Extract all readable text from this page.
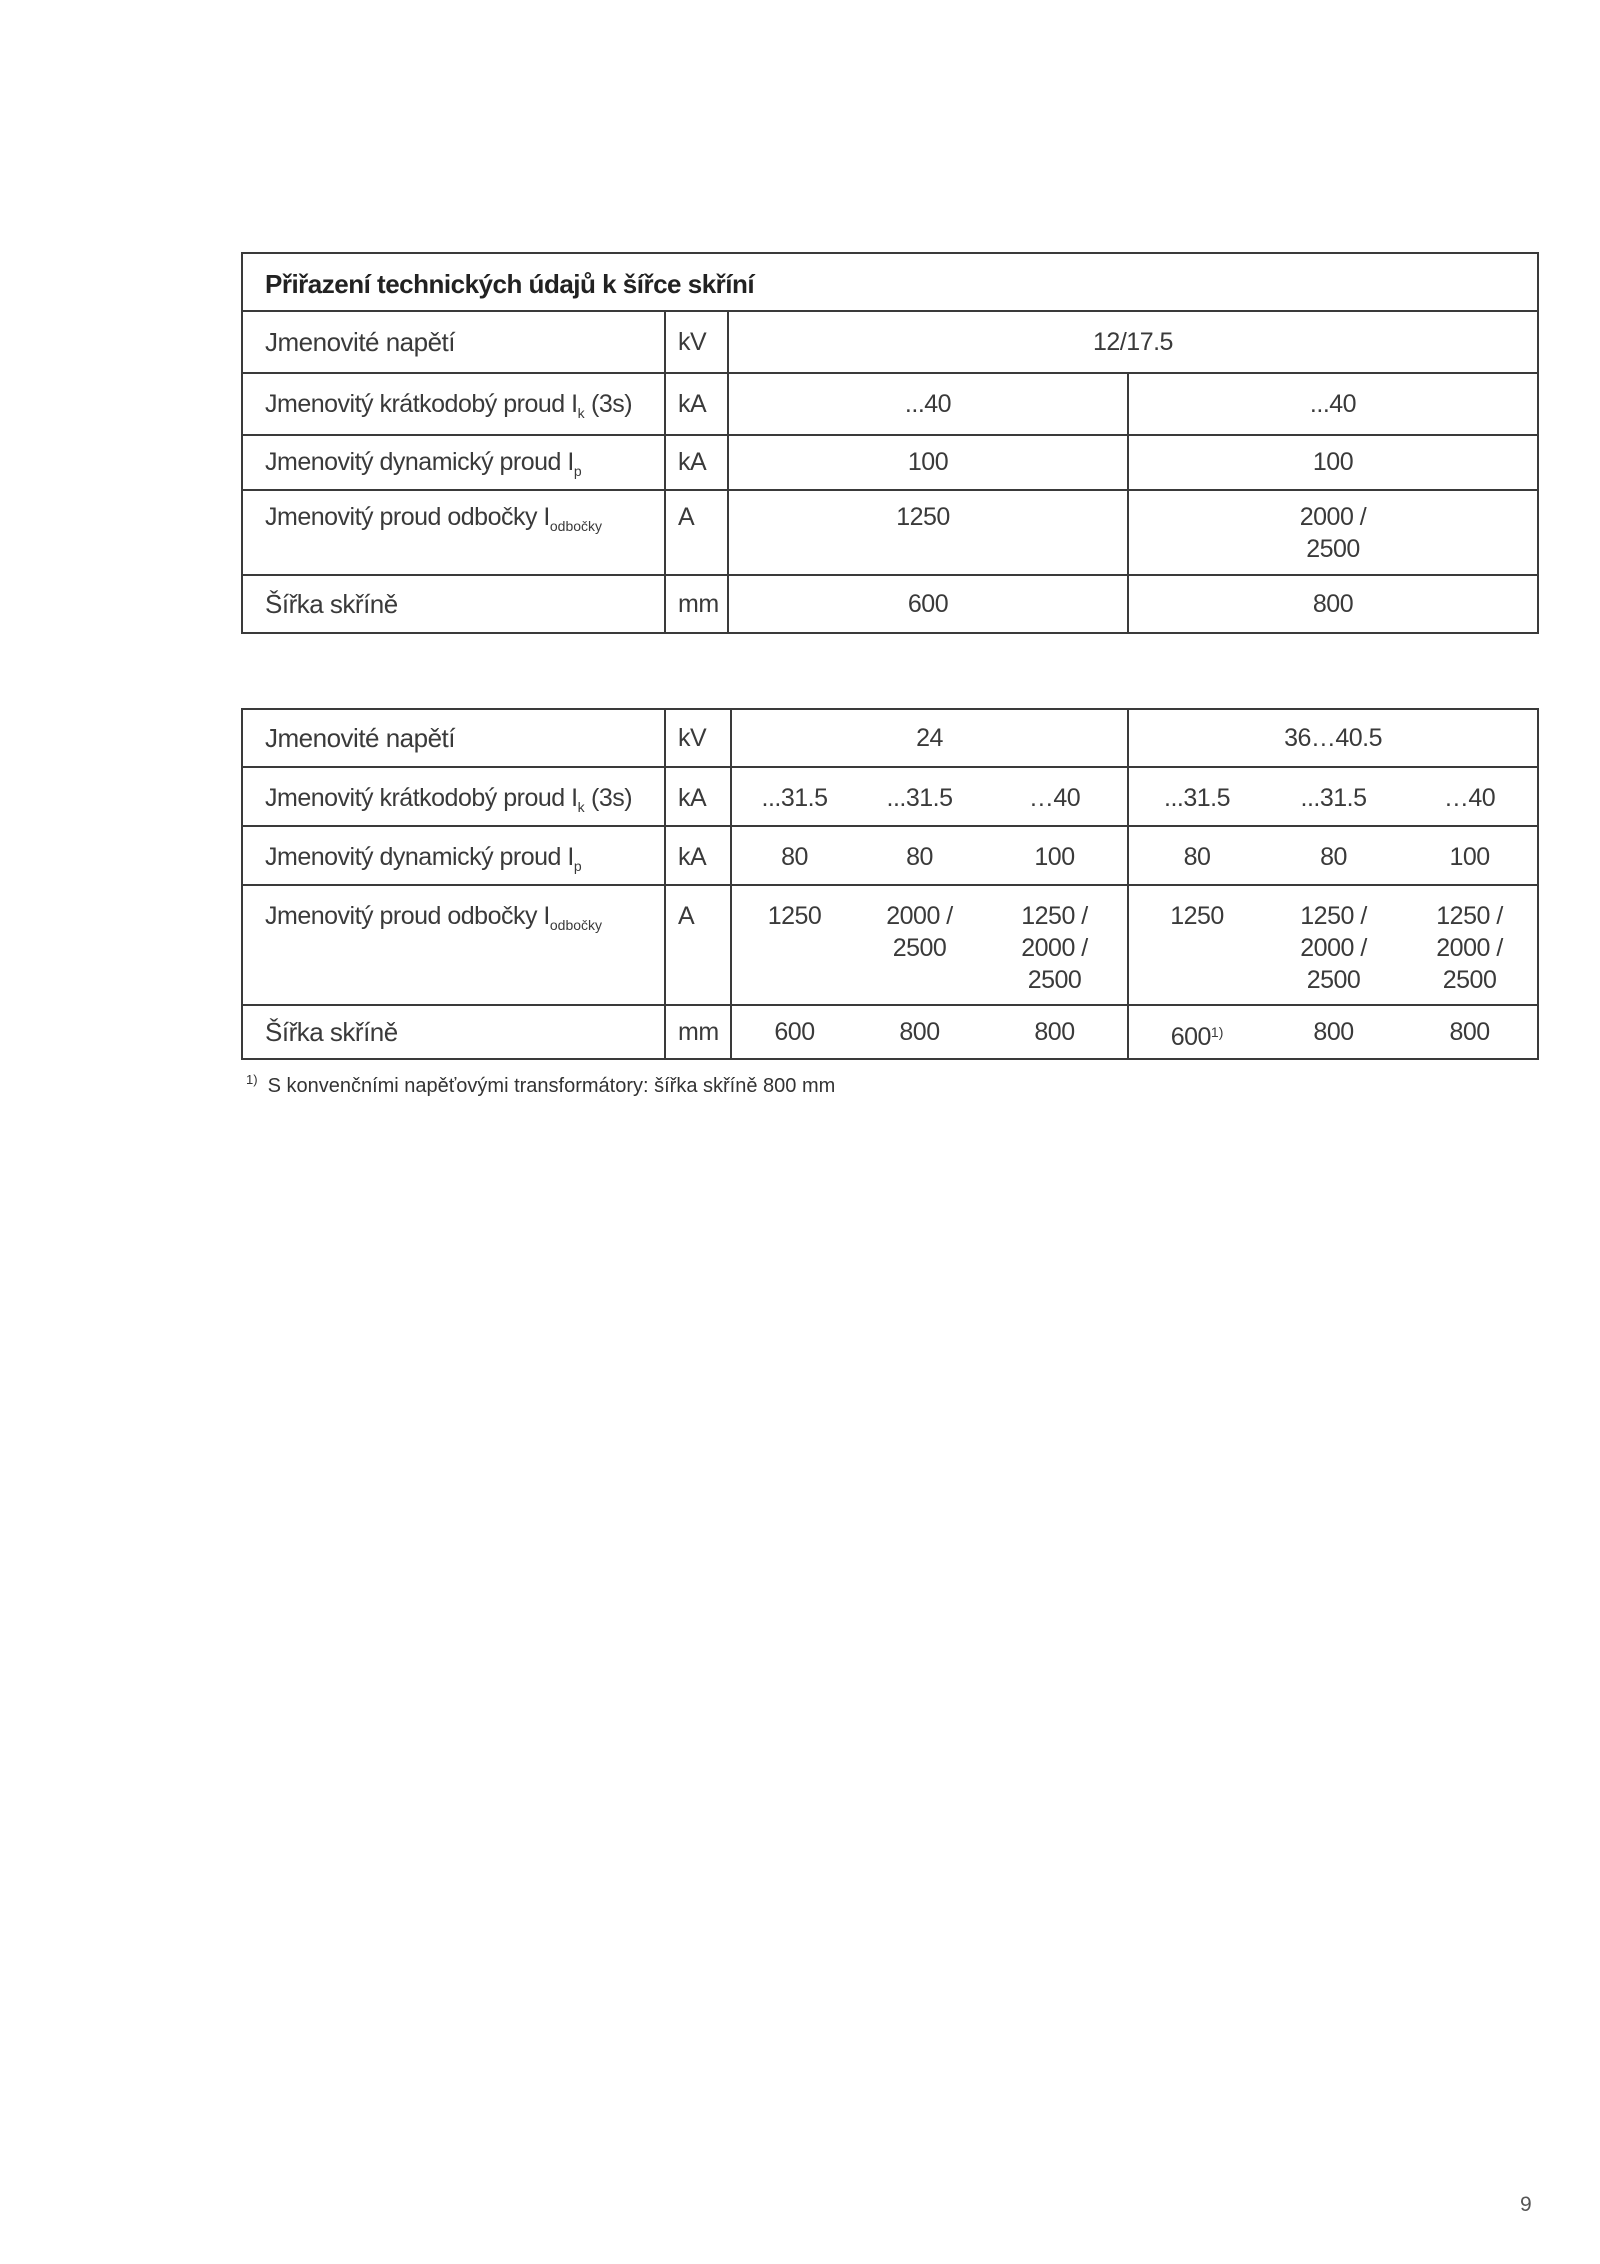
Přiřazení technických údajů k šířce skříní			

Jmenovité napětí	kV	12/17.5	

Jmenovitý krátkodobý proud $I_k$ (3s)	kA	...40	...40

Jmenovitý dynamický proud $I_p$	kA	100	100

Jmenovitý proud odbočky $I_{odbočky}$	A	1250	2000 /
2500

Šířka skříně	mm	600	800
Jmenovité napětí	kV	24			36…40.5		

Jmenovitý krátkodobý proud $I_k$ (3s)	kA	...31.5	...31.5	…40	...31.5	...31.5	…40

Jmenovitý dynamický proud $I_p$	kA	80	80	100	80	80	100

Jmenovitý proud odbočky $I_{odbočky}$	A	1250	2000 /
2500	1250 /
2000 /
2500	1250	1250 /
2000 /
2500	1250 /
2000 /
2500

Šířka skříně	mm	600	800	800	600$^{1)}$	800	800
$^{1)}$ S konvenčními napěťovými transformátory: šířka skříně 800 mm
9
